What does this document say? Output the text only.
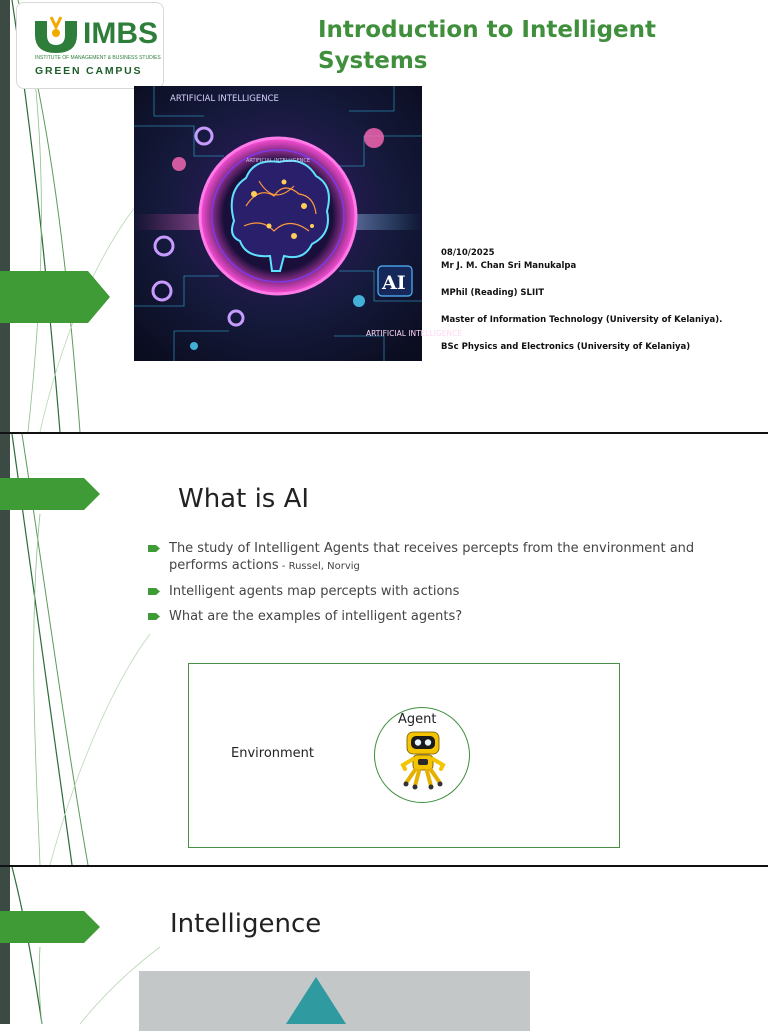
IMBS
INSTITUTE OF MANAGEMENT & BUSINESS STUDIES
GREEN CAMPUS
Introduction to Intelligent Systems
ARTIFICIAL INTELLIGENCE
ARTIFICIAL INTELLIGENCE
AI
ARTIFICIAL INTELLIGENCE
08/10/2025
Mr J. M. Chan Sri Manukalpa
MPhil (Reading) SLIIT
Master of Information Technology (University of Kelaniya).
BSc Physics and Electronics (University of Kelaniya)
What is AI
The study of Intelligent Agents that receives percepts from the environment and performs actions - Russel, Norvig
Intelligent agents map percepts with actions
What are the examples of intelligent agents?
Environment
Agent
Intelligence
